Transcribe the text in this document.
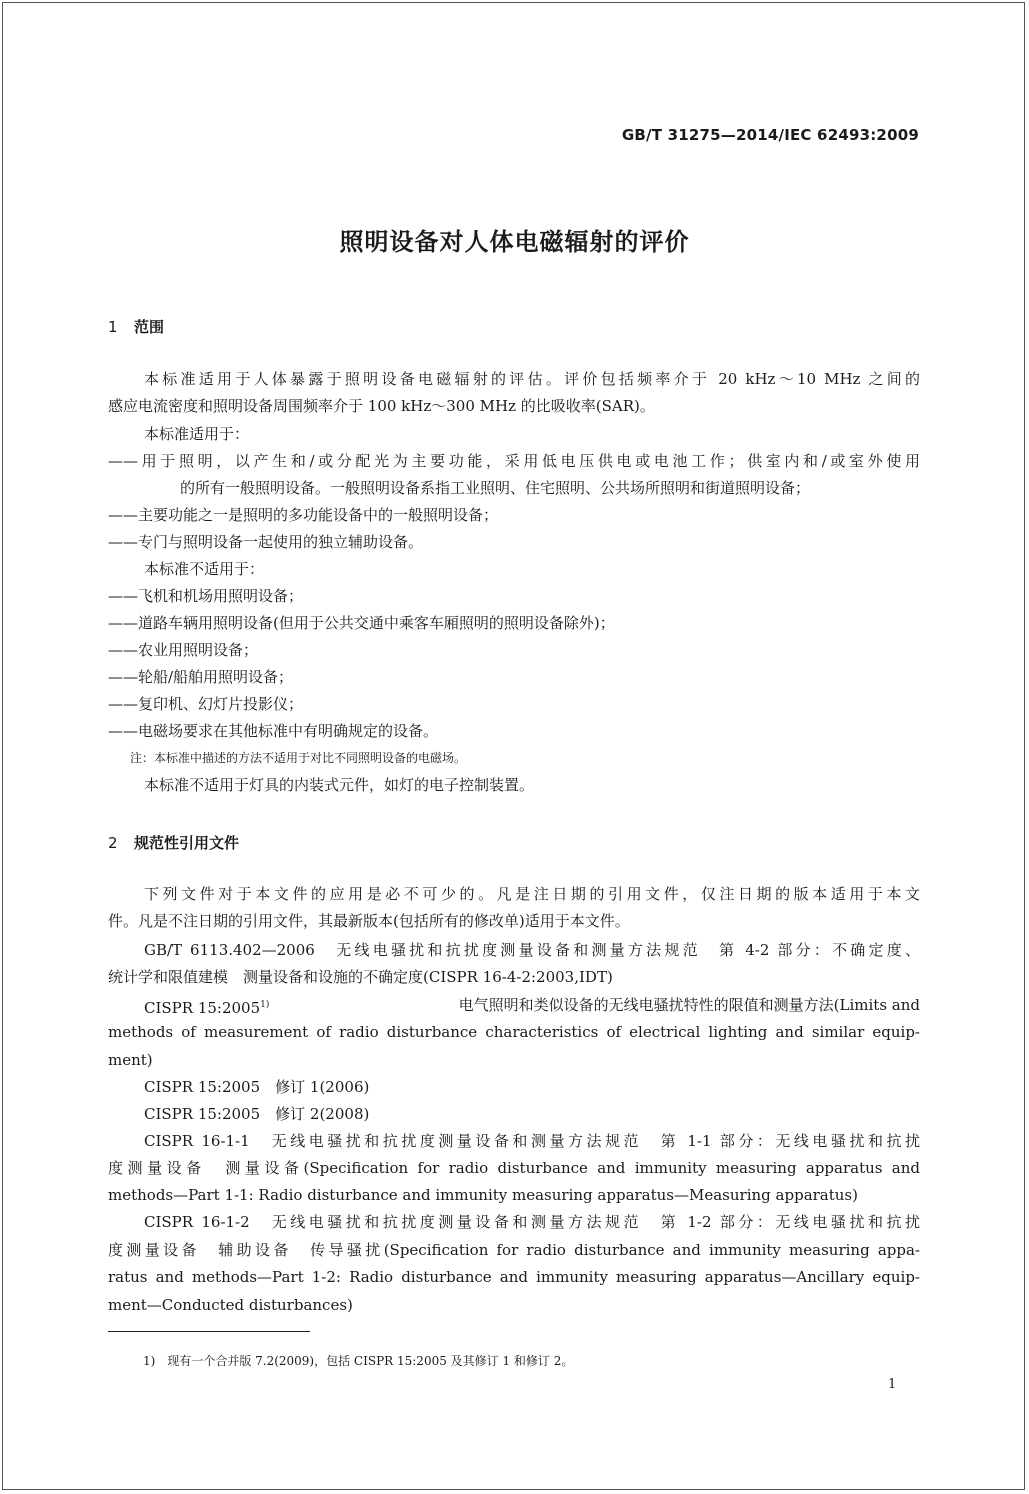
GB/T 31275—2014/IEC 62493:2009
照明设备对人体电磁辐射的评价
1 范围
本标准适用于人体暴露于照明设备电磁辐射的评估。评价包括频率介于 20 kHz～10 MHz 之间的
感应电流密度和照明设备周围频率介于 100 kHz～300 MHz 的比吸收率(SAR)。
本标准适用于：
——用于照明，以产生和/或分配光为主要功能，采用低电压供电或电池工作；供室内和/或室外使用
的所有一般照明设备。一般照明设备系指工业照明、住宅照明、公共场所照明和街道照明设备；
——主要功能之一是照明的多功能设备中的一般照明设备；
——专门与照明设备一起使用的独立辅助设备。
本标准不适用于：
——飞机和机场用照明设备；
——道路车辆用照明设备(但用于公共交通中乘客车厢照明的照明设备除外)；
——农业用照明设备；
——轮船/船舶用照明设备；
——复印机、幻灯片投影仪；
——电磁场要求在其他标准中有明确规定的设备。
注：本标准中描述的方法不适用于对比不同照明设备的电磁场。
本标准不适用于灯具的内装式元件，如灯的电子控制装置。
2 规范性引用文件
下列文件对于本文件的应用是必不可少的。凡是注日期的引用文件，仅注日期的版本适用于本文
件。凡是不注日期的引用文件，其最新版本(包括所有的修改单)适用于本文件。
GB/T 6113.402—2006　无线电骚扰和抗扰度测量设备和测量方法规范　第 4-2 部分：不确定度、
统计学和限值建模　测量设备和设施的不确定度(CISPR 16-4-2:2003,IDT)
CISPR 15:2005$^{1)}$	　电气照明和类似设备的无线电骚扰特性的限值和测量方法(Limits and
methods of measurement of radio disturbance characteristics of electrical lighting and similar equip-
ment)
CISPR 15:2005　修订 1(2006)
CISPR 15:2005　修订 2(2008)
CISPR 16-1-1　无线电骚扰和抗扰度测量设备和测量方法规范　第 1-1 部分：无线电骚扰和抗扰
度测量设备　测量设备(Specification for radio disturbance and immunity measuring apparatus and
methods—Part 1-1: Radio disturbance and immunity measuring apparatus—Measuring apparatus)
CISPR 16-1-2　无线电骚扰和抗扰度测量设备和测量方法规范　第 1-2 部分：无线电骚扰和抗扰
度测量设备　辅助设备　传导骚扰(Specification for radio disturbance and immunity measuring appa-
ratus and methods—Part 1-2: Radio disturbance and immunity measuring apparatus—Ancillary equip-
ment—Conducted disturbances)
1)　现有一个合并版 7.2(2009)，包括 CISPR 15:2005 及其修订 1 和修订 2。
1
